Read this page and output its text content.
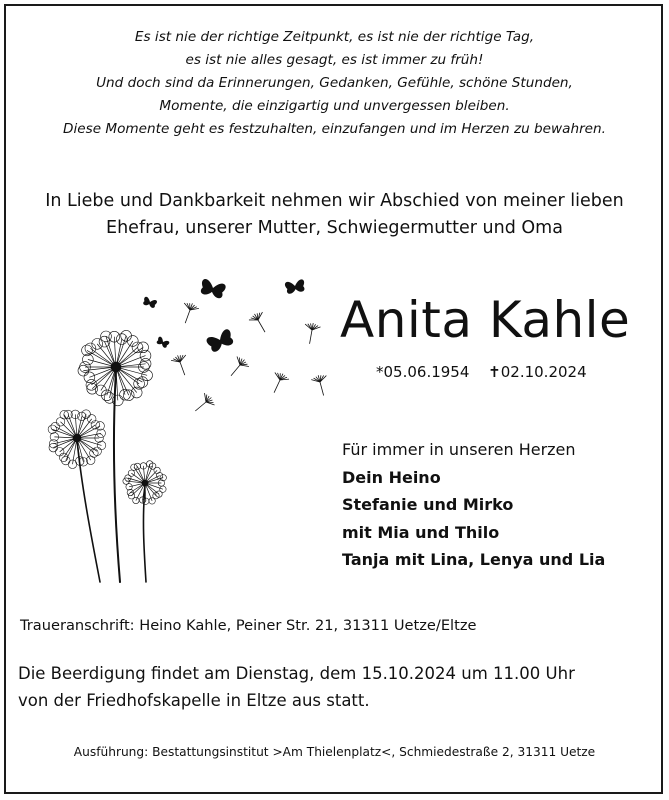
Es ist nie der richtige Zeitpunkt, es ist nie der richtige Tag,
es ist nie alles gesagt, es ist immer zu früh!
Und doch sind da Erinnerungen, Gedanken, Gefühle, schöne Stunden,
Momente, die einzigartig und unvergessen bleiben.
Diese Momente geht es festzuhalten, einzufangen und im Herzen zu bewahren.
In Liebe und Dankbarkeit nehmen wir Abschied von meiner lieben
Ehefrau, unserer Mutter, Schwiegermutter und Oma
Anita Kahle
*05.06.1954 ✝02.10.2024
Für immer in unseren Herzen
Dein Heino
Stefanie und Mirko
mit Mia und Thilo
Tanja mit Lina, Lenya und Lia
Traueranschrift: Heino Kahle, Peiner Str. 21, 31311 Uetze/Eltze
Die Beerdigung findet am Dienstag, dem 15.10.2024 um 11.00 Uhr
von der Friedhofskapelle in Eltze aus statt.
Ausführung: Bestattungsinstitut >Am Thielenplatz<, Schmiedestraße 2, 31311 Uetze
